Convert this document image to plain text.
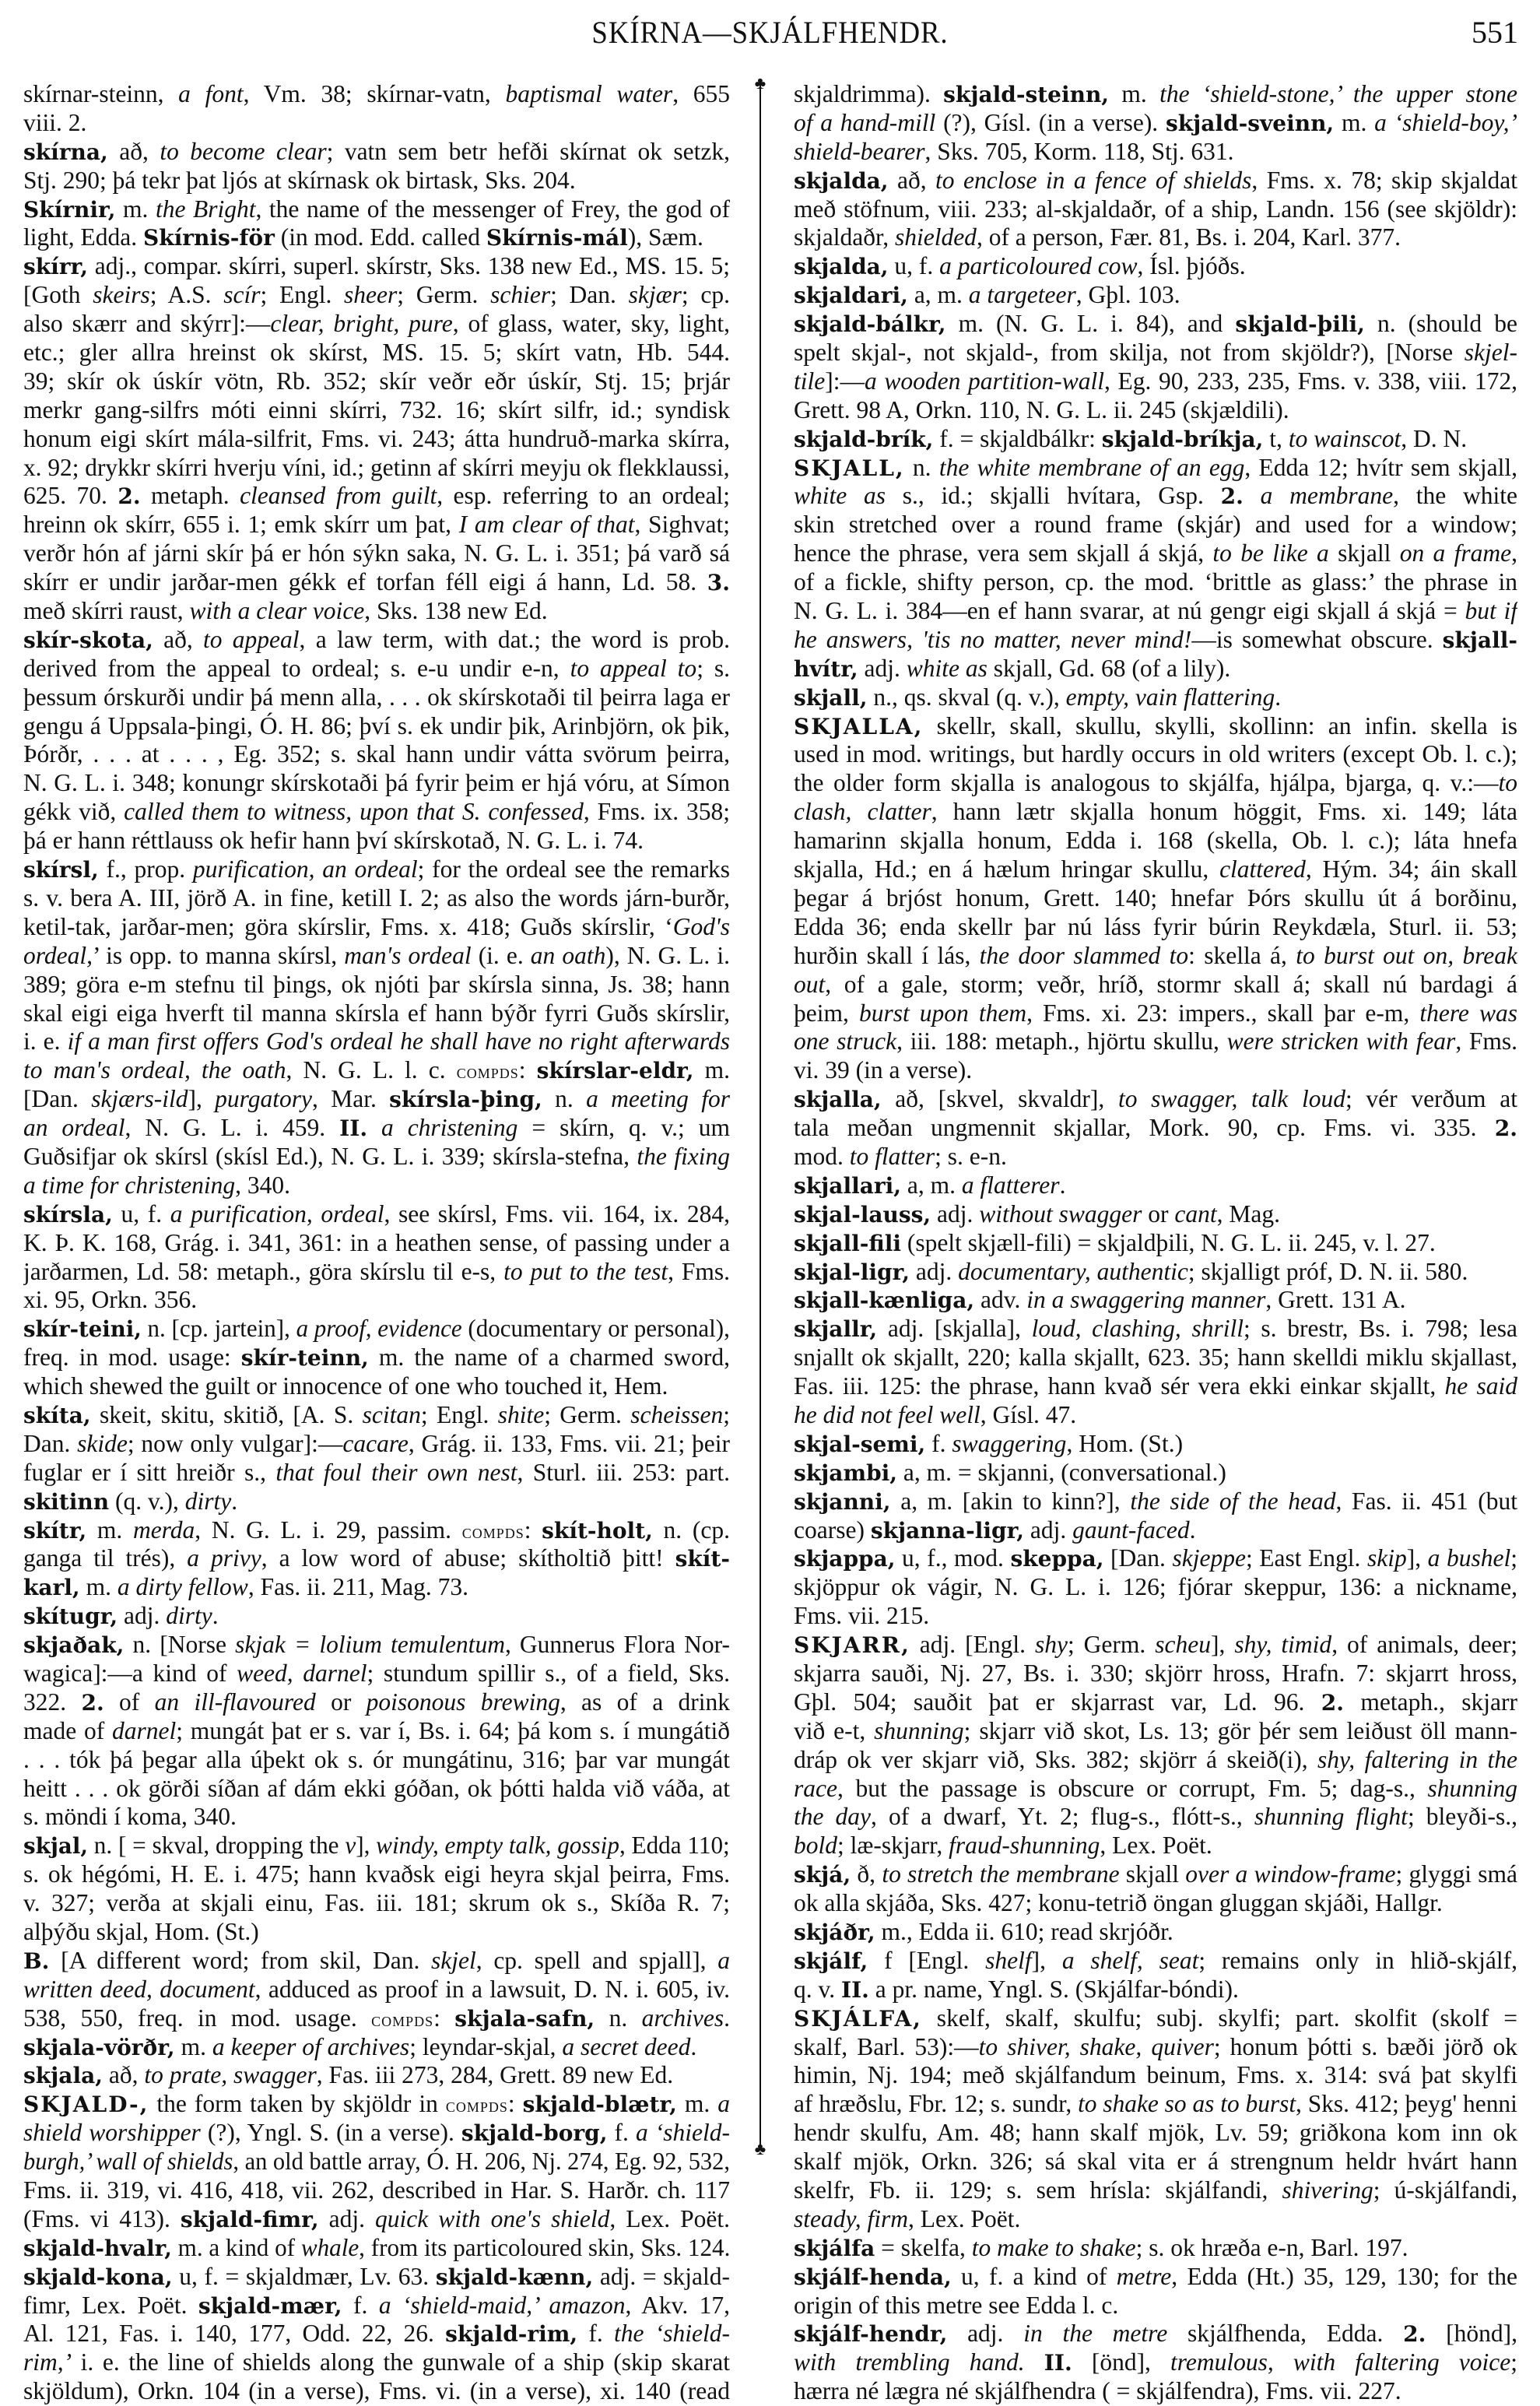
SKÍRNA—SKJÁLFHENDR.	551
skírnar-steinn, a font, Vm. 38; skírnar-vatn, baptismal water, 655
viii. 2.
skírna, að, to become clear; vatn sem betr hefði skírnat ok setzk,
Stj. 290; þá tekr þat ljós at skírnask ok birtask, Sks. 204.
Skírnir, m. the Bright, the name of the messenger of Frey, the god of
light, Edda. Skírnis-för (in mod. Edd. called Skírnis-mál), Sæm.
skírr, adj., compar. skírri, superl. skírstr, Sks. 138 new Ed., MS. 15. 5;
[Goth skeirs; A.S. scír; Engl. sheer; Germ. schier; Dan. skjær; cp.
also skærr and skýrr]:—clear, bright, pure, of glass, water, sky, light,
etc.; gler allra hreinst ok skírst, MS. 15. 5; skírt vatn, Hb. 544.
39; skír ok úskír vötn, Rb. 352; skír veðr eðr úskír, Stj. 15; þrjár
merkr gang-silfrs móti einni skírri, 732. 16; skírt silfr, id.; syndisk
honum eigi skírt mála-silfrit, Fms. vi. 243; átta hundruð-marka skírra,
x. 92; drykkr skírri hverju víni, id.; getinn af skírri meyju ok flekklaussi,
625. 70. 2. metaph. cleansed from guilt, esp. referring to an ordeal;
hreinn ok skírr, 655 i. 1; emk skírr um þat, I am clear of that, Sighvat;
verðr hón af járni skír þá er hón sýkn saka, N. G. L. i. 351; þá varð sá
skírr er undir jarðar-men gékk ef torfan féll eigi á hann, Ld. 58. 3.
með skírri raust, with a clear voice, Sks. 138 new Ed.
skír-skota, að, to appeal, a law term, with dat.; the word is prob.
derived from the appeal to ordeal; s. e-u undir e-n, to appeal to; s.
þessum órskurði undir þá menn alla, . . . ok skírskotaði til þeirra laga er
gengu á Uppsala-þingi, Ó. H. 86; því s. ek undir þik, Arinbjörn, ok þik,
Þórðr, . . . at . . . , Eg. 352; s. skal hann undir vátta svörum þeirra,
N. G. L. i. 348; konungr skírskotaði þá fyrir þeim er hjá vóru, at Símon
gékk við, called them to witness, upon that S. confessed, Fms. ix. 358;
þá er hann réttlauss ok hefir hann því skírskotað, N. G. L. i. 74.
skírsl, f., prop. purification, an ordeal; for the ordeal see the remarks
s. v. bera A. III, jörð A. in fine, ketill I. 2; as also the words járn-burðr,
ketil-tak, jarðar-men; göra skírslir, Fms. x. 418; Guðs skírslir, ‘God's
ordeal,’ is opp. to manna skírsl, man's ordeal (i. e. an oath), N. G. L. i.
389; göra e-m stefnu til þings, ok njóti þar skírsla sinna, Js. 38; hann
skal eigi eiga hverft til manna skírsla ef hann býðr fyrri Guðs skírslir,
i. e. if a man first offers God's ordeal he shall have no right afterwards
to man's ordeal, the oath, N. G. L. l. c. compds: skírslar-eldr, m.
[Dan. skjærs-ild], purgatory, Mar. skírsla-þing, n. a meeting for
an ordeal, N. G. L. i. 459. II. a christening = skírn, q. v.; um
Guðsifjar ok skírsl (skísl Ed.), N. G. L. i. 339; skírsla-stefna, the fixing
a time for christening, 340.
skírsla, u, f. a purification, ordeal, see skírsl, Fms. vii. 164, ix. 284,
K. Þ. K. 168, Grág. i. 341, 361: in a heathen sense, of passing under a
jarðarmen, Ld. 58: metaph., göra skírslu til e-s, to put to the test, Fms.
xi. 95, Orkn. 356.
skír-teini, n. [cp. jartein], a proof, evidence (documentary or personal),
freq. in mod. usage: skír-teinn, m. the name of a charmed sword,
which shewed the guilt or innocence of one who touched it, Hem.
skíta, skeit, skitu, skitið, [A. S. scitan; Engl. shite; Germ. scheissen;
Dan. skide; now only vulgar]:—cacare, Grág. ii. 133, Fms. vii. 21; þeir
fuglar er í sitt hreiðr s., that foul their own nest, Sturl. iii. 253: part.
skitinn (q. v.), dirty.
skítr, m. merda, N. G. L. i. 29, passim. compds: skít-holt, n. (cp.
ganga til trés), a privy, a low word of abuse; skítholtið þitt! skít-
karl, m. a dirty fellow, Fas. ii. 211, Mag. 73.
skítugr, adj. dirty.
skjaðak, n. [Norse skjak = lolium temulentum, Gunnerus Flora Nor-
wagica]:—a kind of weed, darnel; stundum spillir s., of a field, Sks.
322. 2. of an ill-flavoured or poisonous brewing, as of a drink
made of darnel; mungát þat er s. var í, Bs. i. 64; þá kom s. í mungátið
. . . tók þá þegar alla úþekt ok s. ór mungátinu, 316; þar var mungát
heitt . . . ok görði síðan af dám ekki góðan, ok þótti halda við váða, at
s. möndi í koma, 340.
skjal, n. [ = skval, dropping the v], windy, empty talk, gossip, Edda 110;
s. ok hégómi, H. E. i. 475; hann kvaðsk eigi heyra skjal þeirra, Fms.
v. 327; verða at skjali einu, Fas. iii. 181; skrum ok s., Skíða R. 7;
alþýðu skjal, Hom. (St.)
B. [A different word; from skil, Dan. skjel, cp. spell and spjall], a
written deed, document, adduced as proof in a lawsuit, D. N. i. 605, iv.
538, 550, freq. in mod. usage. compds: skjala-safn, n. archives.
skjala-vörðr, m. a keeper of archives; leyndar-skjal, a secret deed.
skjala, að, to prate, swagger, Fas. iii 273, 284, Grett. 89 new Ed.
SKJALD-, the form taken by skjöldr in compds: skjald-blætr, m. a
shield worshipper (?), Yngl. S. (in a verse). skjald-borg, f. a ‘shield-
burgh,’ wall of shields, an old battle array, Ó. H. 206, Nj. 274, Eg. 92, 532,
Fms. ii. 319, vi. 416, 418, vii. 262, described in Har. S. Harðr. ch. 117
(Fms. vi 413). skjald-fimr, adj. quick with one's shield, Lex. Poët.
skjald-hvalr, m. a kind of whale, from its particoloured skin, Sks. 124.
skjald-kona, u, f. = skjaldmær, Lv. 63. skjald-kænn, adj. = skjald-
fimr, Lex. Poët. skjald-mær, f. a ‘shield-maid,’ amazon, Akv. 17,
Al. 121, Fas. i. 140, 177, Odd. 22, 26. skjald-rim, f. the ‘shield-
rim,’ i. e. the line of shields along the gunwale of a ship (skip skarat
skjöldum), Orkn. 104 (in a verse), Fms. vi. (in a verse), xi. 140 (read
♣
♣
skjaldrimma). skjald-steinn, m. the ‘shield-stone,’ the upper stone
of a hand-mill (?), Gísl. (in a verse). skjald-sveinn, m. a ‘shield-boy,’
shield-bearer, Sks. 705, Korm. 118, Stj. 631.
skjalda, að, to enclose in a fence of shields, Fms. x. 78; skip skjaldat
með stöfnum, viii. 233; al-skjaldaðr, of a ship, Landn. 156 (see skjöldr):
skjaldaðr, shielded, of a person, Fær. 81, Bs. i. 204, Karl. 377.
skjalda, u, f. a particoloured cow, Ísl. þjóðs.
skjaldari, a, m. a targeteer, Gþl. 103.
skjald-bálkr, m. (N. G. L. i. 84), and skjald-þili, n. (should be
spelt skjal-, not skjald-, from skilja, not from skjöldr?), [Norse skjel-
tile]:—a wooden partition-wall, Eg. 90, 233, 235, Fms. v. 338, viii. 172,
Grett. 98 A, Orkn. 110, N. G. L. ii. 245 (skjældili).
skjald-brík, f. = skjaldbálkr: skjald-bríkja, t, to wainscot, D. N.
SKJALL, n. the white membrane of an egg, Edda 12; hvítr sem skjall,
white as s., id.; skjalli hvítara, Gsp. 2. a membrane, the white
skin stretched over a round frame (skjár) and used for a window;
hence the phrase, vera sem skjall á skjá, to be like a skjall on a frame,
of a fickle, shifty person, cp. the mod. ‘brittle as glass:’ the phrase in
N. G. L. i. 384—en ef hann svarar, at nú gengr eigi skjall á skjá = but if
he answers, 'tis no matter, never mind!—is somewhat obscure. skjall-
hvítr, adj. white as skjall, Gd. 68 (of a lily).
skjall, n., qs. skval (q. v.), empty, vain flattering.
SKJALLA, skellr, skall, skullu, skylli, skollinn: an infin. skella is
used in mod. writings, but hardly occurs in old writers (except Ob. l. c.);
the older form skjalla is analogous to skjálfa, hjálpa, bjarga, q. v.:—to
clash, clatter, hann lætr skjalla honum höggit, Fms. xi. 149; láta
hamarinn skjalla honum, Edda i. 168 (skella, Ob. l. c.); láta hnefa
skjalla, Hd.; en á hælum hringar skullu, clattered, Hým. 34; áin skall
þegar á brjóst honum, Grett. 140; hnefar Þórs skullu út á borðinu,
Edda 36; enda skellr þar nú láss fyrir búrin Reykdæla, Sturl. ii. 53;
hurðin skall í lás, the door slammed to: skella á, to burst out on, break
out, of a gale, storm; veðr, hríð, stormr skall á; skall nú bardagi á
þeim, burst upon them, Fms. xi. 23: impers., skall þar e-m, there was
one struck, iii. 188: metaph., hjörtu skullu, were stricken with fear, Fms.
vi. 39 (in a verse).
skjalla, að, [skvel, skvaldr], to swagger, talk loud; vér verðum at
tala meðan ungmennit skjallar, Mork. 90, cp. Fms. vi. 335. 2.
mod. to flatter; s. e-n.
skjallari, a, m. a flatterer.
skjal-lauss, adj. without swagger or cant, Mag.
skjall-fili (spelt skjæll-fili) = skjaldþili, N. G. L. ii. 245, v. l. 27.
skjal-ligr, adj. documentary, authentic; skjalligt próf, D. N. ii. 580.
skjall-kænliga, adv. in a swaggering manner, Grett. 131 A.
skjallr, adj. [skjalla], loud, clashing, shrill; s. brestr, Bs. i. 798; lesa
snjallt ok skjallt, 220; kalla skjallt, 623. 35; hann skelldi miklu skjallast,
Fas. iii. 125: the phrase, hann kvað sér vera ekki einkar skjallt, he said
he did not feel well, Gísl. 47.
skjal-semi, f. swaggering, Hom. (St.)
skjambi, a, m. = skjanni, (conversational.)
skjanni, a, m. [akin to kinn?], the side of the head, Fas. ii. 451 (but
coarse) skjanna-ligr, adj. gaunt-faced.
skjappa, u, f., mod. skeppa, [Dan. skjeppe; East Engl. skip], a bushel;
skjöppur ok vágir, N. G. L. i. 126; fjórar skeppur, 136: a nickname,
Fms. vii. 215.
SKJARR, adj. [Engl. shy; Germ. scheu], shy, timid, of animals, deer;
skjarra sauði, Nj. 27, Bs. i. 330; skjörr hross, Hrafn. 7: skjarrt hross,
Gþl. 504; sauðit þat er skjarrast var, Ld. 96. 2. metaph., skjarr
við e-t, shunning; skjarr við skot, Ls. 13; gör þér sem leiðust öll mann-
dráp ok ver skjarr við, Sks. 382; skjörr á skeið(i), shy, faltering in the
race, but the passage is obscure or corrupt, Fm. 5; dag-s., shunning
the day, of a dwarf, Yt. 2; flug-s., flótt-s., shunning flight; bleyði-s.,
bold; læ-skjarr, fraud-shunning, Lex. Poët.
skjá, ð, to stretch the membrane skjall over a window-frame; glyggi smá
ok alla skjáða, Sks. 427; konu-tetrið öngan gluggan skjáði, Hallgr.
skjáðr, m., Edda ii. 610; read skrjóðr.
skjálf, f [Engl. shelf], a shelf, seat; remains only in hlið-skjálf,
q. v. II. a pr. name, Yngl. S. (Skjálfar-bóndi).
SKJÁLFA, skelf, skalf, skulfu; subj. skylfi; part. skolfit (skolf =
skalf, Barl. 53):—to shiver, shake, quiver; honum þótti s. bæði jörð ok
himin, Nj. 194; með skjálfandum beinum, Fms. x. 314: svá þat skylfi
af hræðslu, Fbr. 12; s. sundr, to shake so as to burst, Sks. 412; þeyg' henni
hendr skulfu, Am. 48; hann skalf mjök, Lv. 59; griðkona kom inn ok
skalf mjök, Orkn. 326; sá skal vita er á strengnum heldr hvárt hann
skelfr, Fb. ii. 129; s. sem hrísla: skjálfandi, shivering; ú-skjálfandi,
steady, firm, Lex. Poët.
skjálfa = skelfa, to make to shake; s. ok hræða e-n, Barl. 197.
skjálf-henda, u, f. a kind of metre, Edda (Ht.) 35, 129, 130; for the
origin of this metre see Edda l. c.
skjálf-hendr, adj. in the metre skjálfhenda, Edda. 2. [hönd],
with trembling hand. II. [önd], tremulous, with faltering voice;
hærra né lægra né skjálfhendra ( = skjálfendra), Fms. vii. 227.
